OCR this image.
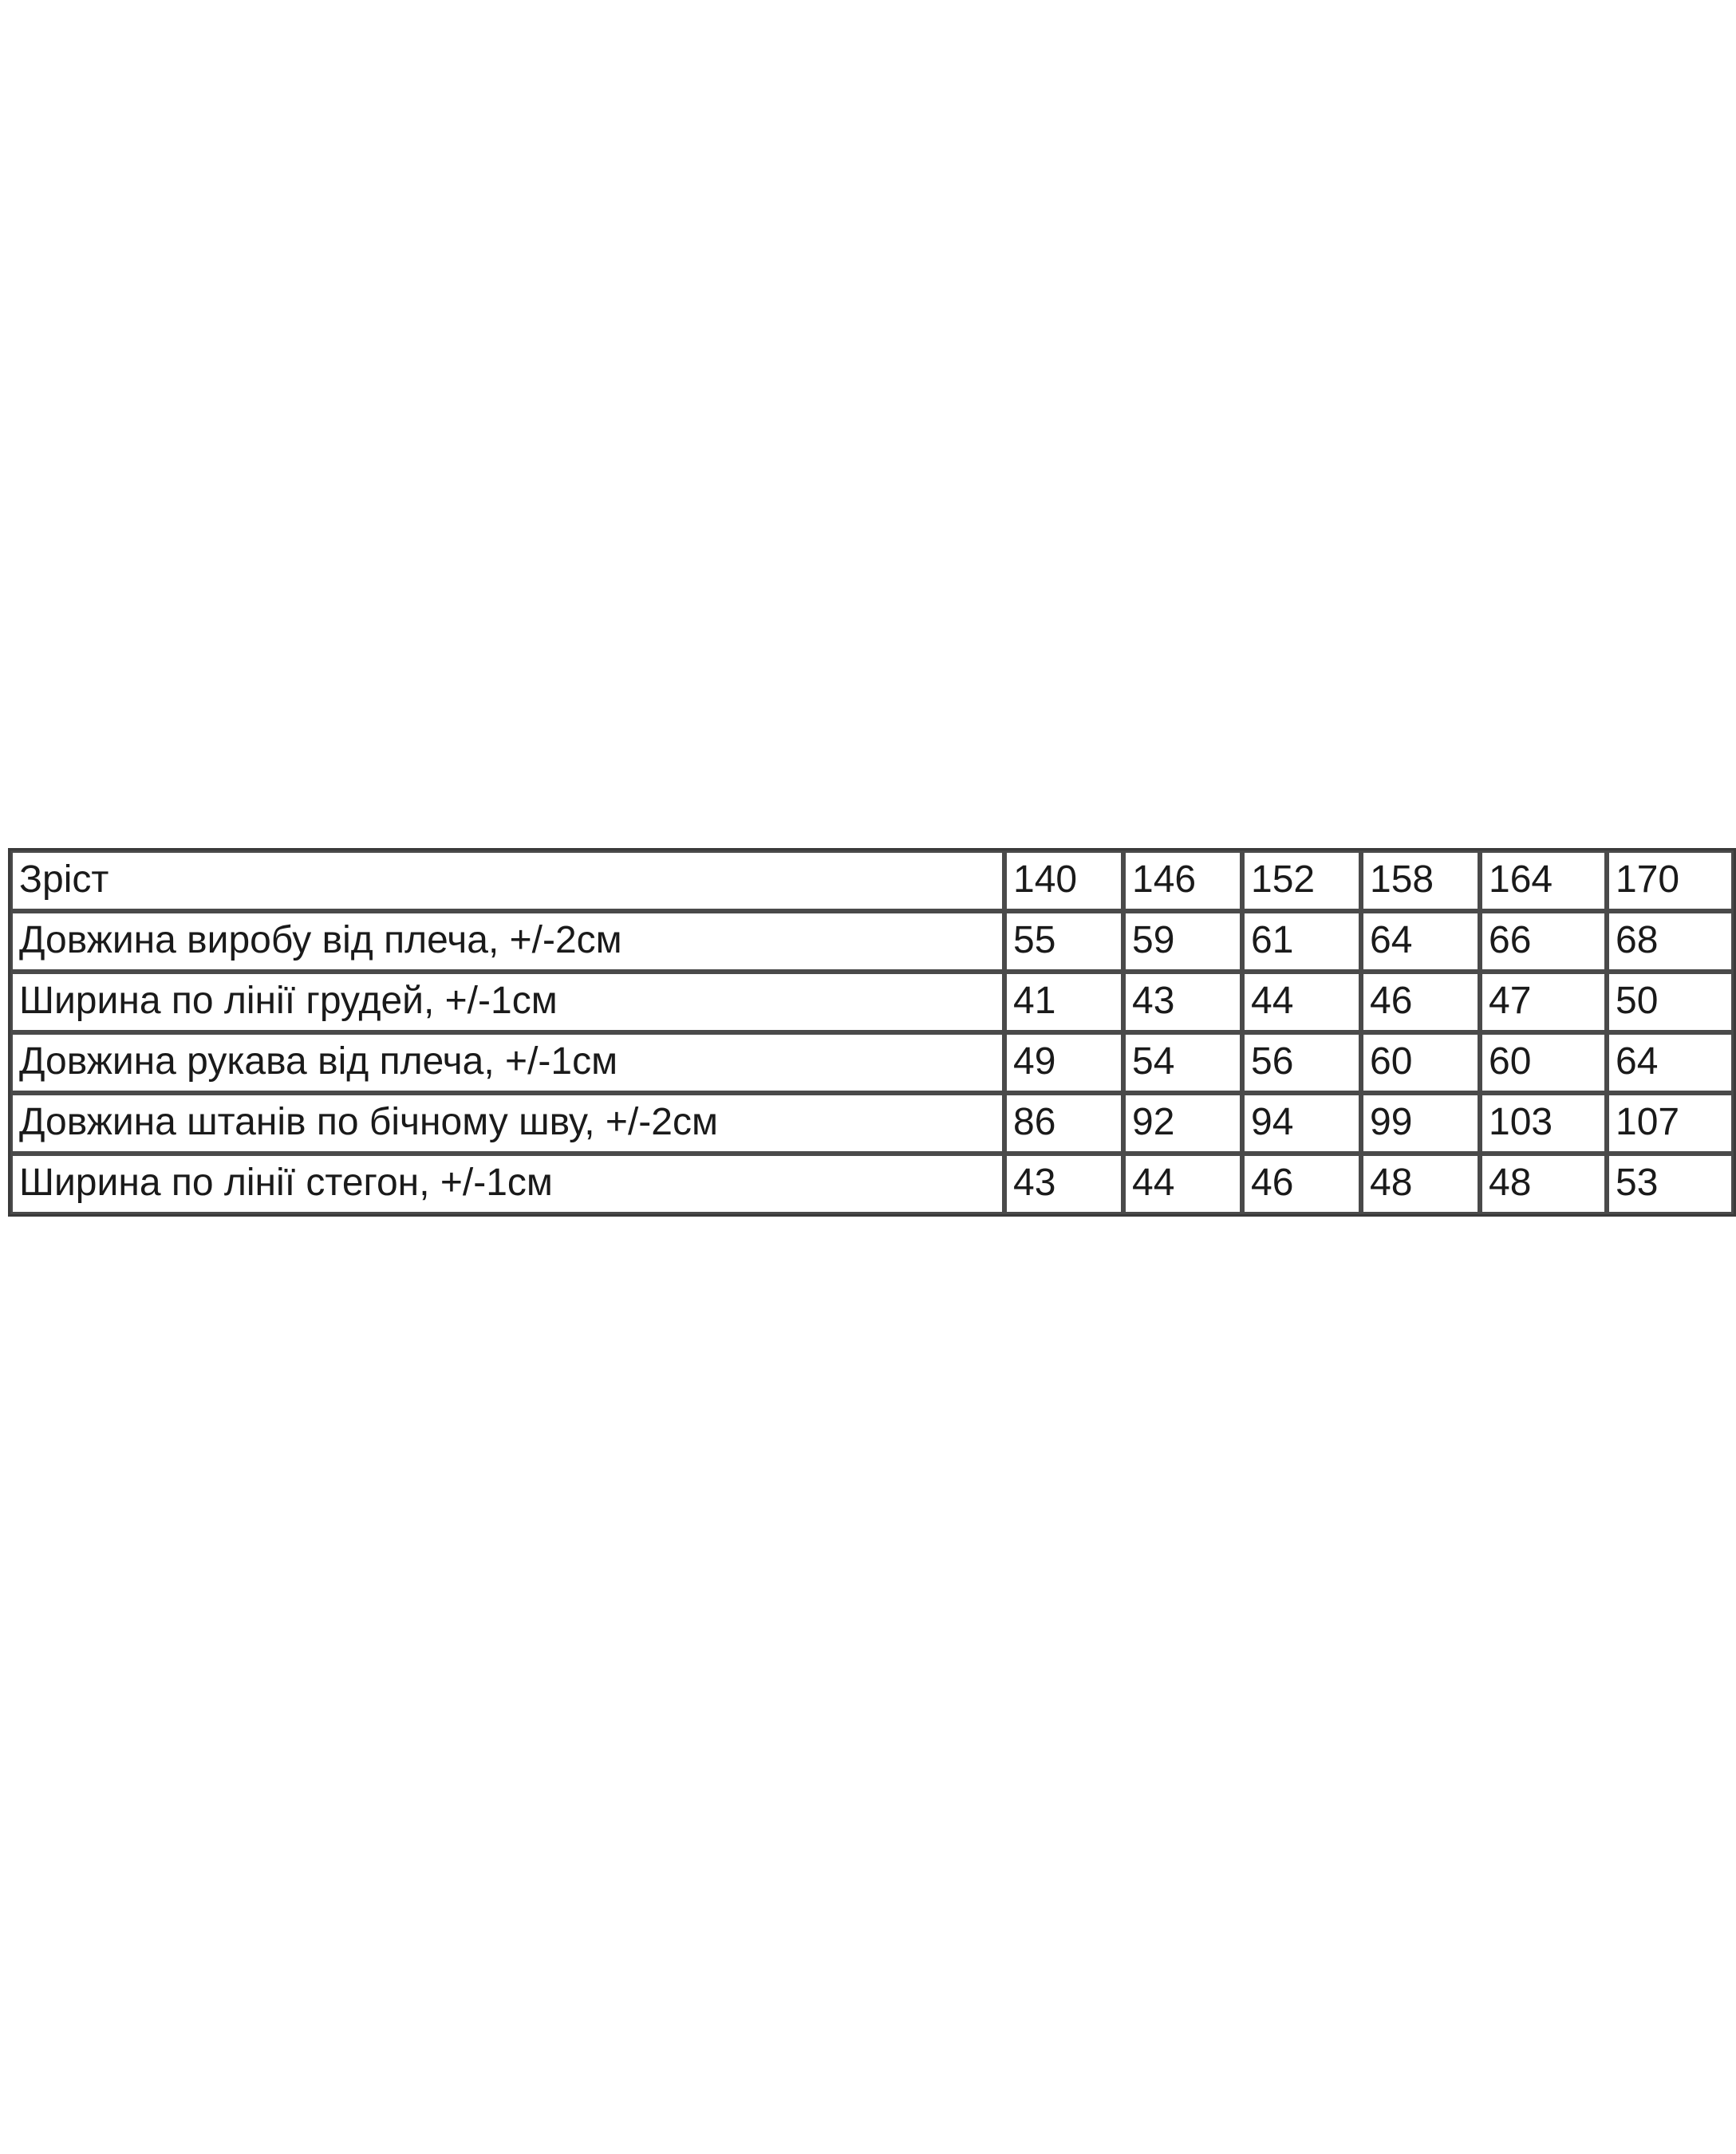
Зріст	140	146	152	158	164	170
Довжина виробу від плеча, +/-2см	55	59	61	64	66	68
Ширина по лінії грудей, +/-1см	41	43	44	46	47	50
Довжина рукава від плеча, +/-1см	49	54	56	60	60	64
Довжина штанів по бічному шву, +/-2см	86	92	94	99	103	107
Ширина по лінії стегон, +/-1см	43	44	46	48	48	53
